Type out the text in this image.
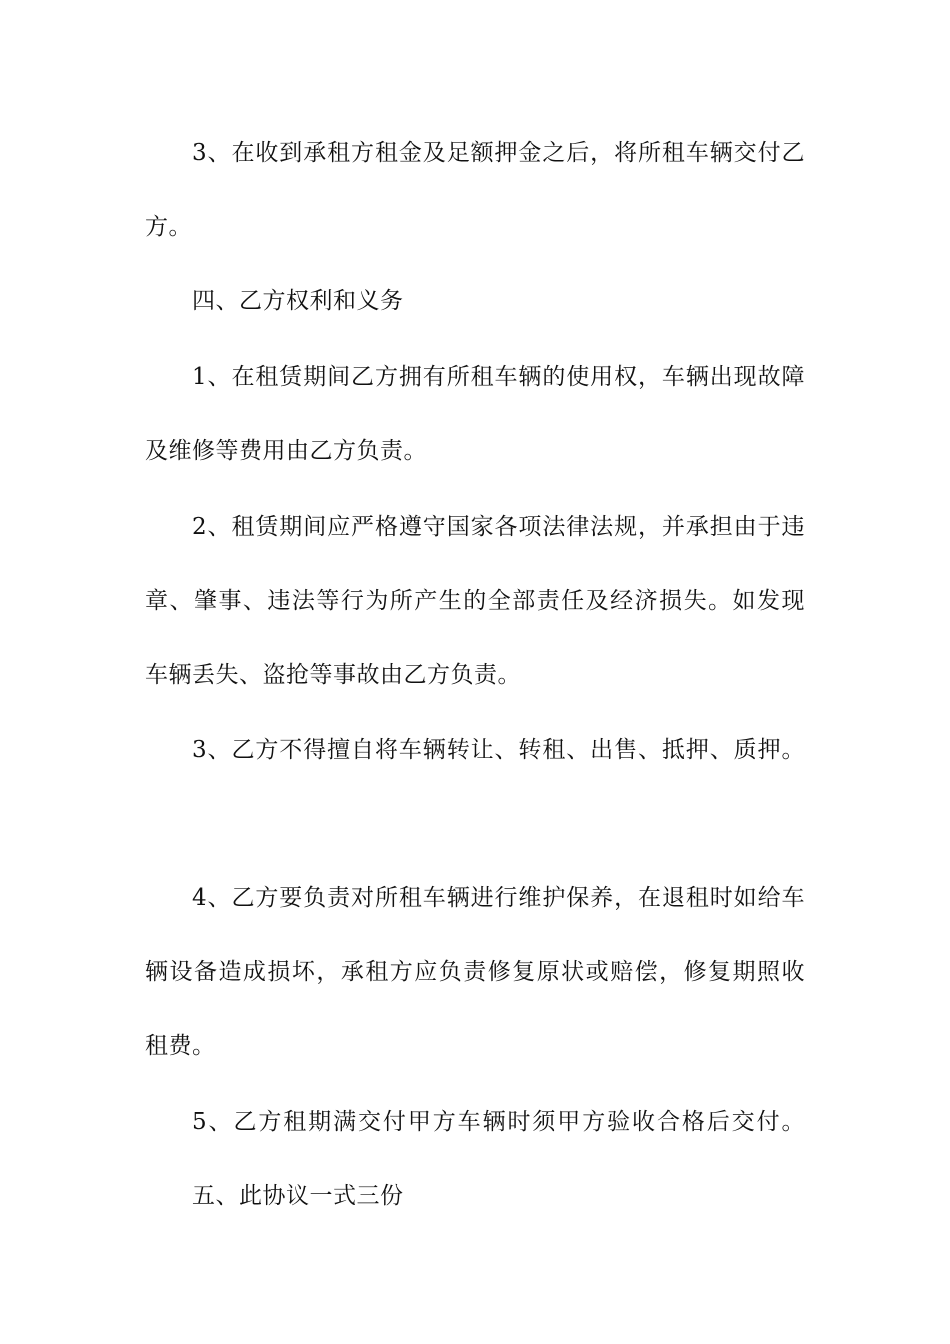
3、在收到承租方租金及足额押金之后，将所租车辆交付乙
方。
四、乙方权利和义务
1、在租赁期间乙方拥有所租车辆的使用权，车辆出现故障
及维修等费用由乙方负责。
2、租赁期间应严格遵守国家各项法律法规，并承担由于违
章、肇事、违法等行为所产生的全部责任及经济损失。如发现
车辆丢失、盗抢等事故由乙方负责。
3、乙方不得擅自将车辆转让、转租、出售、抵押、质押。
4、乙方要负责对所租车辆进行维护保养，在退租时如给车
辆设备造成损坏，承租方应负责修复原状或赔偿，修复期照收
租费。
5、乙方租期满交付甲方车辆时须甲方验收合格后交付。
五、此协议一式三份
